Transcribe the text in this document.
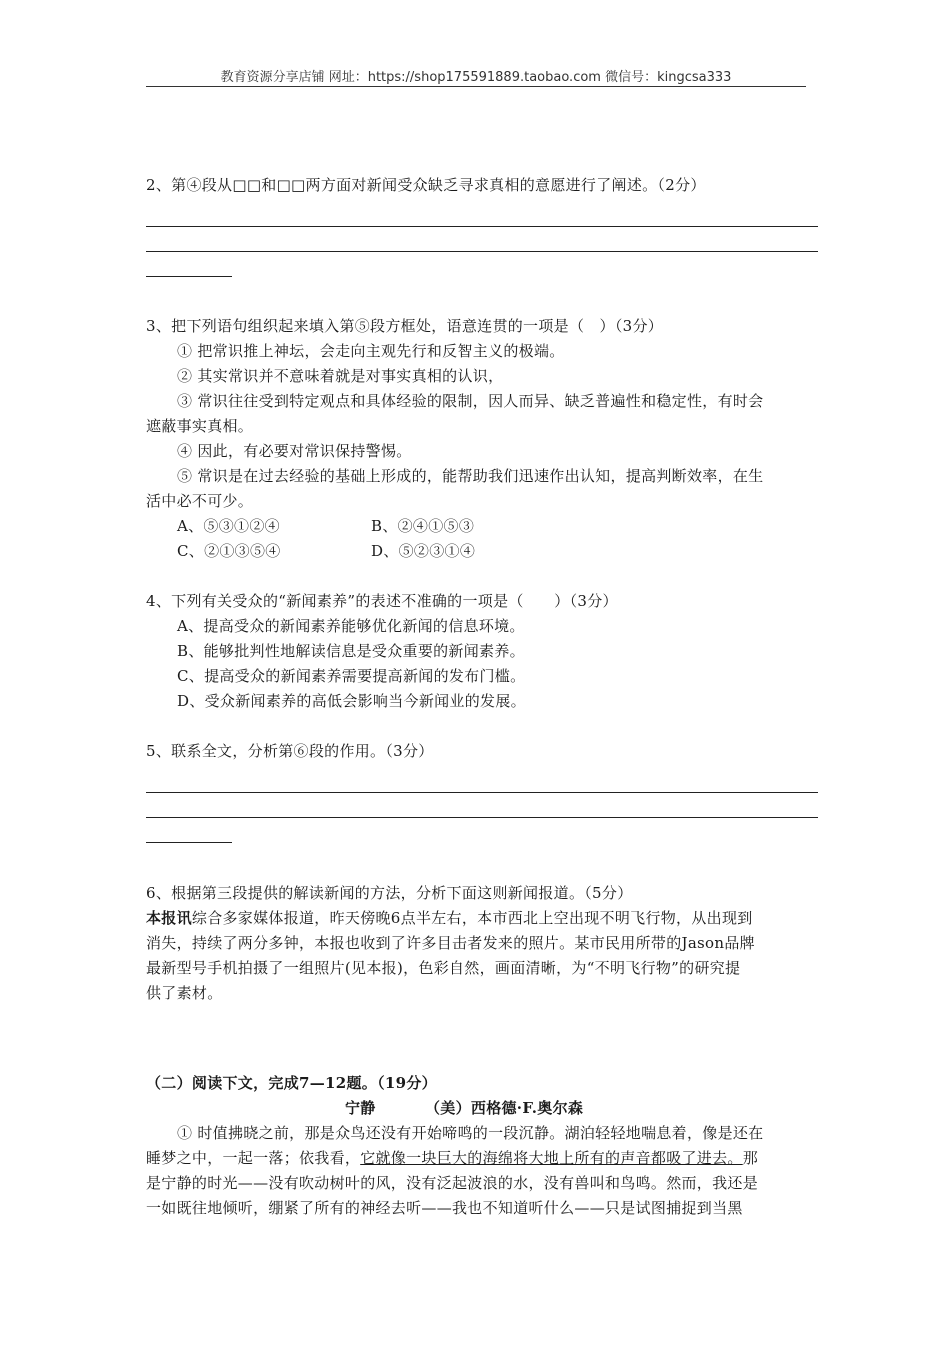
教育资源分享店铺 网址：https://shop175591889.taobao.com 微信号：kingcsa333
2、第④段从□□和□□两方面对新闻受众缺乏寻求真相的意愿进行了阐述。（2分）
3、把下列语句组织起来填入第⑤段方框处，语意连贯的一项是（　）（3分）
① 把常识推上神坛，会走向主观先行和反智主义的极端。
② 其实常识并不意味着就是对事实真相的认识，
③ 常识往往受到特定观点和具体经验的限制，因人而异、缺乏普遍性和稳定性，有时会
遮蔽事实真相。
④ 因此，有必要对常识保持警惕。
⑤ 常识是在过去经验的基础上形成的，能帮助我们迅速作出认知，提高判断效率，在生
活中必不可少。
A、⑤③①②④	B、②④①⑤③
C、②①③⑤④	D、⑤②③①④
4、下列有关受众的“新闻素养”的表述不准确的一项是（　　）（3分）
A、提高受众的新闻素养能够优化新闻的信息环境。
B、能够批判性地解读信息是受众重要的新闻素养。
C、提高受众的新闻素养需要提高新闻的发布门槛。
D、受众新闻素养的高低会影响当今新闻业的发展。
5、联系全文，分析第⑥段的作用。（3分）
6、根据第三段提供的解读新闻的方法，分析下面这则新闻报道。（5分）
本报讯综合多家媒体报道，昨天傍晚6点半左右，本市西北上空出现不明飞行物，从出现到
消失，持续了两分多钟，本报也收到了许多目击者发来的照片。某市民用所带的Jason品牌
最新型号手机拍摄了一组照片(见本报)，色彩自然，画面清晰，为“不明飞行物”的研究提
供了素材。
（二）阅读下文，完成7—12题。（19分）
宁静	（美）西格德·F.奥尔森
① 时值拂晓之前，那是众鸟还没有开始啼鸣的一段沉静。湖泊轻轻地喘息着，像是还在
睡梦之中，一起一落；依我看，它就像一块巨大的海绵将大地上所有的声音都吸了进去。那
是宁静的时光——没有吹动树叶的风，没有泛起波浪的水，没有兽叫和鸟鸣。然而，我还是
一如既往地倾听，绷紧了所有的神经去听——我也不知道听什么——只是试图捕捉到当黑
